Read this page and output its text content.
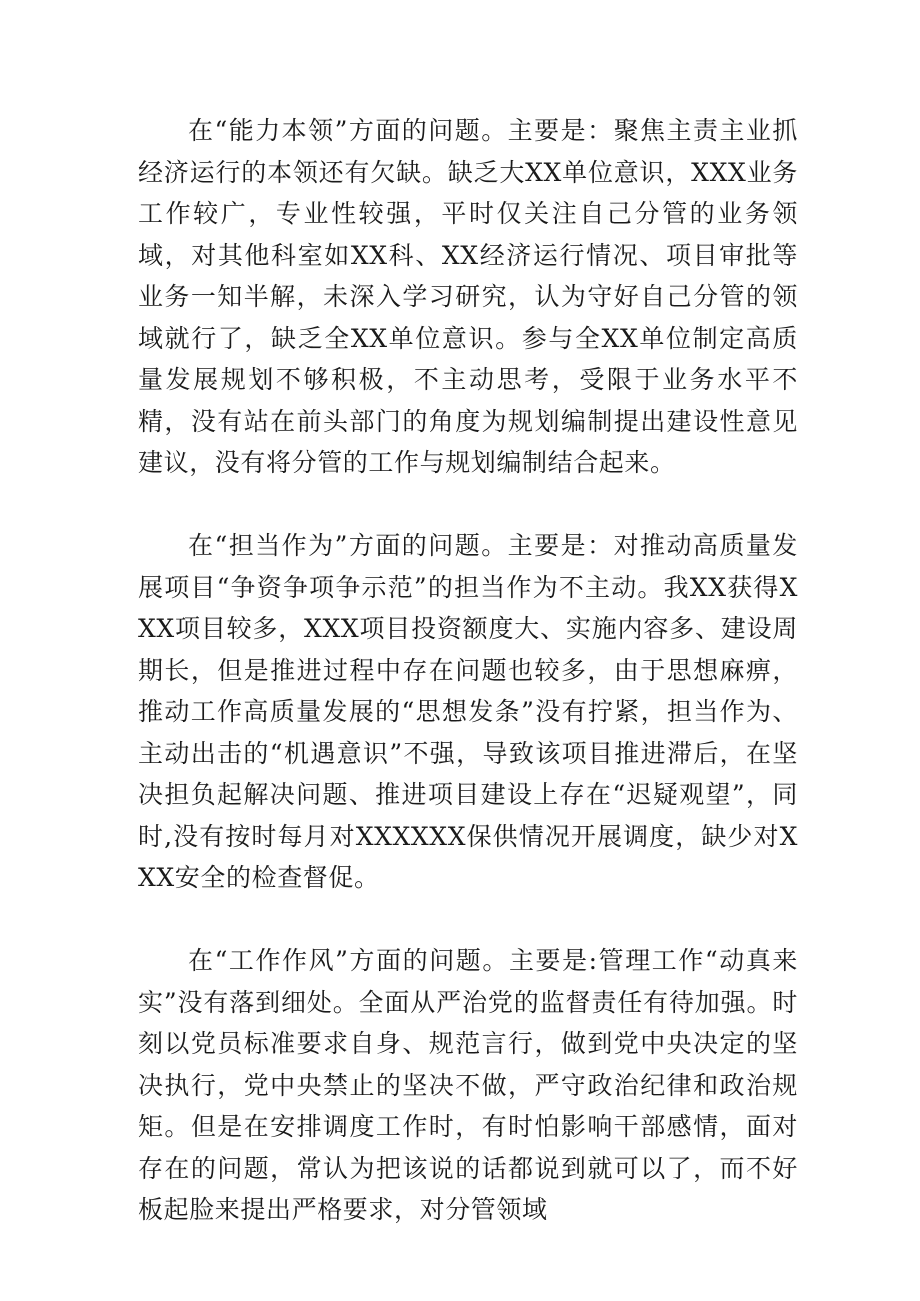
在“能力本领”方面的问题。主要是：聚焦主责主业抓经济运行的本领还有欠缺。缺乏大XX单位意识，XXX业务工作较广，专业性较强，平时仅关注自己分管的业务领域，对其他科室如XX科、XX经济运行情况、项目审批等业务一知半解，未深入学习研究，认为守好自己分管的领域就行了，缺乏全XX单位意识。参与全XX单位制定高质量发展规划不够积极，不主动思考，受限于业务水平不精，没有站在前头部门的角度为规划编制提出建设性意见建议，没有将分管的工作与规划编制结合起来。

在“担当作为”方面的问题。主要是：对推动高质量发展项目“争资争项争示范”的担当作为不主动。我XX获得XXX项目较多，XXX项目投资额度大、实施内容多、建设周期长，但是推进过程中存在问题也较多，由于思想麻痹，推动工作高质量发展的“思想发条”没有拧紧，担当作为、主动出击的“机遇意识”不强，导致该项目推进滞后，在坚决担负起解决问题、推进项目建设上存在“迟疑观望”，同时,没有按时每月对XXXXXX保供情况开展调度，缺少对XXX安全的检查督促。

在“工作作风”方面的问题。主要是:管理工作“动真来实”没有落到细处。全面从严治党的监督责任有待加强。时刻以党员标准要求自身、规范言行，做到党中央决定的坚决执行，党中央禁止的坚决不做，严守政治纪律和政治规矩。但是在安排调度工作时，有时怕影响干部感情，面对存在的问题，常认为把该说的话都说到就可以了，而不好板起脸来提出严格要求，对分管领域
